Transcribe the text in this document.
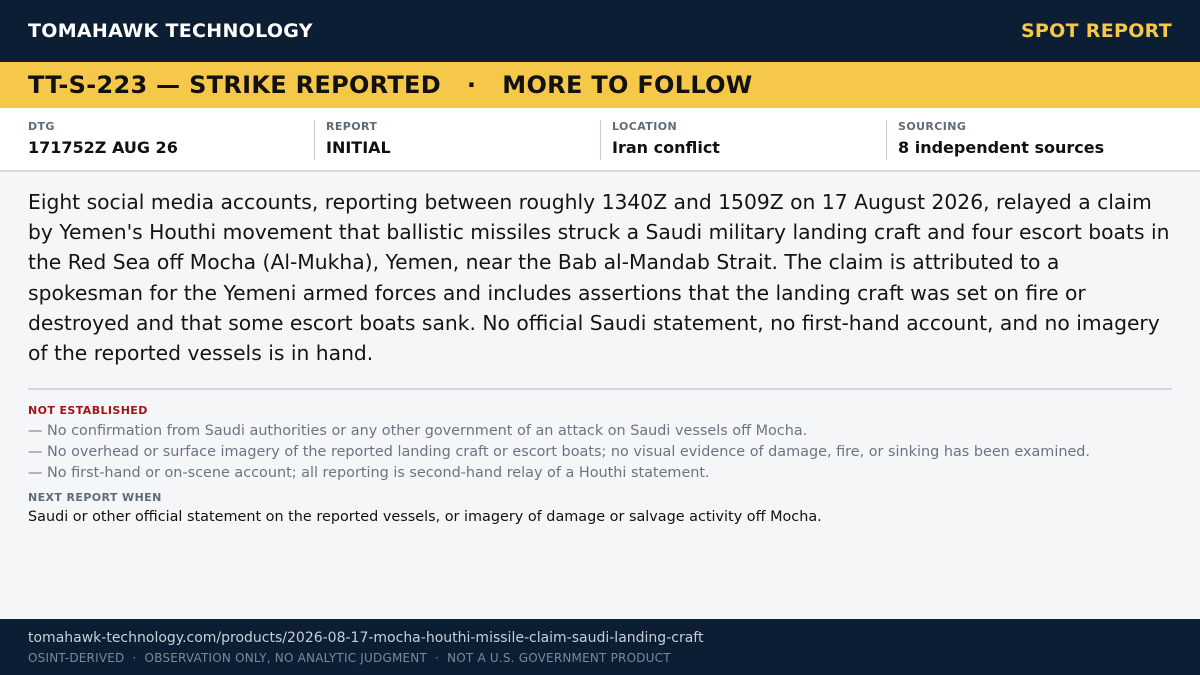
TOMAHAWK TECHNOLOGY	SPOT REPORT
TT-S-223 — STRIKE REPORTED   ·   MORE TO FOLLOW
DTG
171752Z AUG 26
REPORT
INITIAL
LOCATION
Iran conflict
SOURCING
8 independent sources

Eight social media accounts, reporting between roughly 1340Z and 1509Z on 17 August 2026, relayed a claim by Yemen's Houthi movement that ballistic missiles struck a Saudi military landing craft and four escort boats in the Red Sea off Mocha (Al-Mukha), Yemen, near the Bab al-Mandab Strait. The claim is attributed to a spokesman for the Yemeni armed forces and includes assertions that the landing craft was set on fire or destroyed and that some escort boats sank. No official Saudi statement, no first-hand account, and no imagery of the reported vessels is in hand.

NOT ESTABLISHED
— No confirmation from Saudi authorities or any other government of an attack on Saudi vessels off Mocha.
— No overhead or surface imagery of the reported landing craft or escort boats; no visual evidence of damage, fire, or sinking has been examined.
— No first-hand or on-scene account; all reporting is second-hand relay of a Houthi statement.
NEXT REPORT WHEN
Saudi or other official statement on the reported vessels, or imagery of damage or salvage activity off Mocha.
tomahawk-technology.com/products/2026-08-17-mocha-houthi-missile-claim-saudi-landing-craft
OSINT-DERIVED  ·  OBSERVATION ONLY, NO ANALYTIC JUDGMENT  ·  NOT A U.S. GOVERNMENT PRODUCT
